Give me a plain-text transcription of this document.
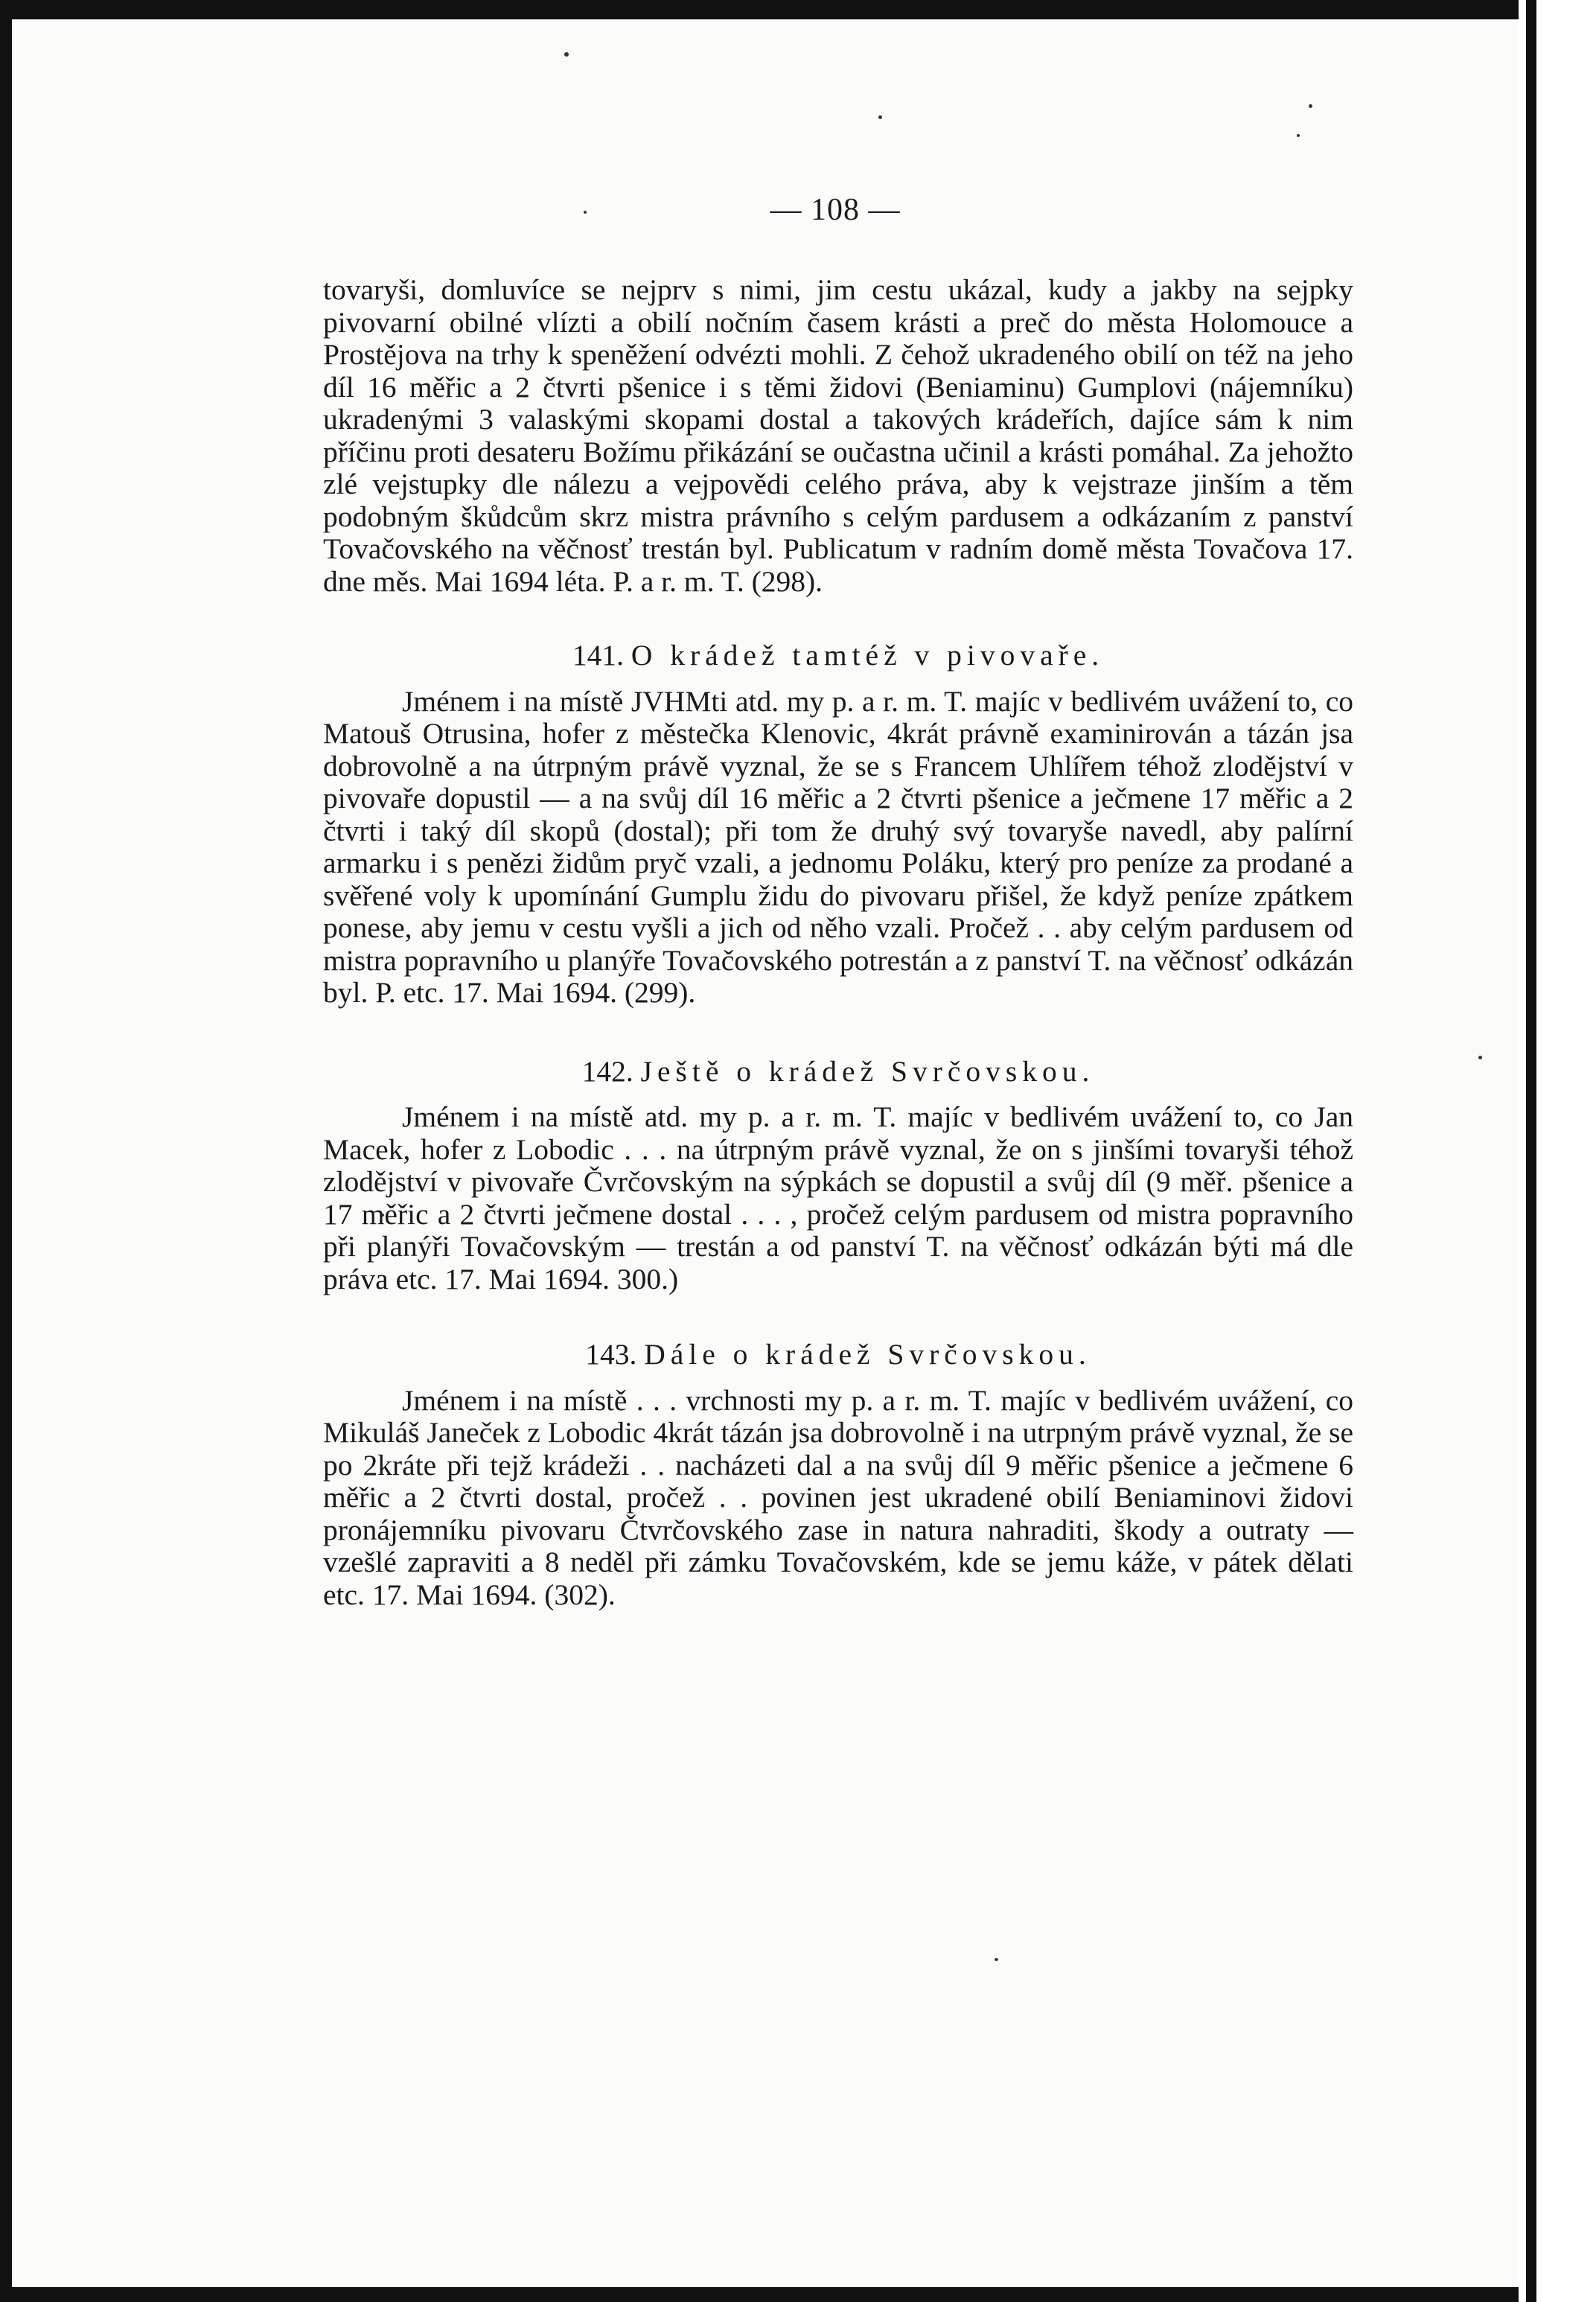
— 108 —

tovaryši, domluvíce se nejprv s nimi, jim cestu ukázal, kudy a jakby na sejpky pivovarní obilné vlízti a obilí nočním časem krásti a preč do města Holomouce a Prostějova na trhy k speněžení odvézti mohli. Z čehož ukradeného obilí on též na jeho díl 16 měřic a 2 čtvrti pšenice i s těmi židovi (Beniaminu) Gumplovi (nájemníku) ukradenými 3 valaskými skopami dostal a takových krádeřích, dajíce sám k nim příčinu proti desateru Božímu přikázání se oučastna učinil a krásti pomáhal. Za jehožto zlé vejstupky dle nálezu a vejpovědi celého práva, aby k vejstraze jinším a těm podobným škůdcům skrz mistra právního s celým pardusem a odkázaním z panství Tovačovského na věčnosť trestán byl. Publicatum v radním domě města Tovačova 17. dne měs. Mai 1694 léta. P. a r. m. T. (298).

141. O krádež tamtéž v pivovaře.

Jménem i na místě JVHMti atd. my p. a r. m. T. majíc v bedlivém uvážení to, co Matouš Otrusina, hofer z městečka Klenovic, 4krát právně examinirován a tázán jsa dobrovolně a na útrpným právě vyznal, že se s Francem Uhlířem téhož zlodějství v pivovaře dopustil — a na svůj díl 16 měřic a 2 čtvrti pšenice a ječmene 17 měřic a 2 čtvrti i taký díl skopů (dostal); při tom že druhý svý tovaryše navedl, aby palírní armarku i s penězi židům pryč vzali, a jednomu Poláku, který pro peníze za prodané a svěřené voly k upomínání Gumplu židu do pivovaru přišel, že když peníze zpátkem ponese, aby jemu v cestu vyšli a jich od něho vzali. Pročež . . aby celým pardusem od mistra popravního u planýře Tovačovského potrestán a z panství T. na věčnosť odkázán byl. P. etc. 17. Mai 1694. (299).

142. Ještě o krádež Svrčovskou.

Jménem i na místě atd. my p. a r. m. T. majíc v bedlivém uvážení to, co Jan Macek, hofer z Lobodic . . . na útrpným právě vyznal, že on s jinšími tovaryši téhož zlodějství v pivovaře Čvrčovským na sýpkách se dopustil a svůj díl (9 měř. pšenice a 17 měřic a 2 čtvrti ječmene dostal . . . , pročež celým pardusem od mistra popravního při planýři Tovačovským — trestán a od panství T. na věčnosť odkázán býti má dle práva etc. 17. Mai 1694. 300.)

143. Dále o krádež Svrčovskou.

Jménem i na místě . . . vrchnosti my p. a r. m. T. majíc v bedlivém uvážení, co Mikuláš Janeček z Lobodic 4krát tázán jsa dobrovolně i na utrpným právě vyznal, že se po 2kráte při tejž krádeži . . nacházeti dal a na svůj díl 9 měřic pšenice a ječmene 6 měřic a 2 čtvrti dostal, pročež . . povinen jest ukradené obilí Beniaminovi židovi pronájemníku pivovaru Čtvrčovského zase in natura nahraditi, škody a outraty — vzešlé zapraviti a 8 neděl při zámku Tovačovském, kde se jemu káže, v pátek dělati etc. 17. Mai 1694. (302).
